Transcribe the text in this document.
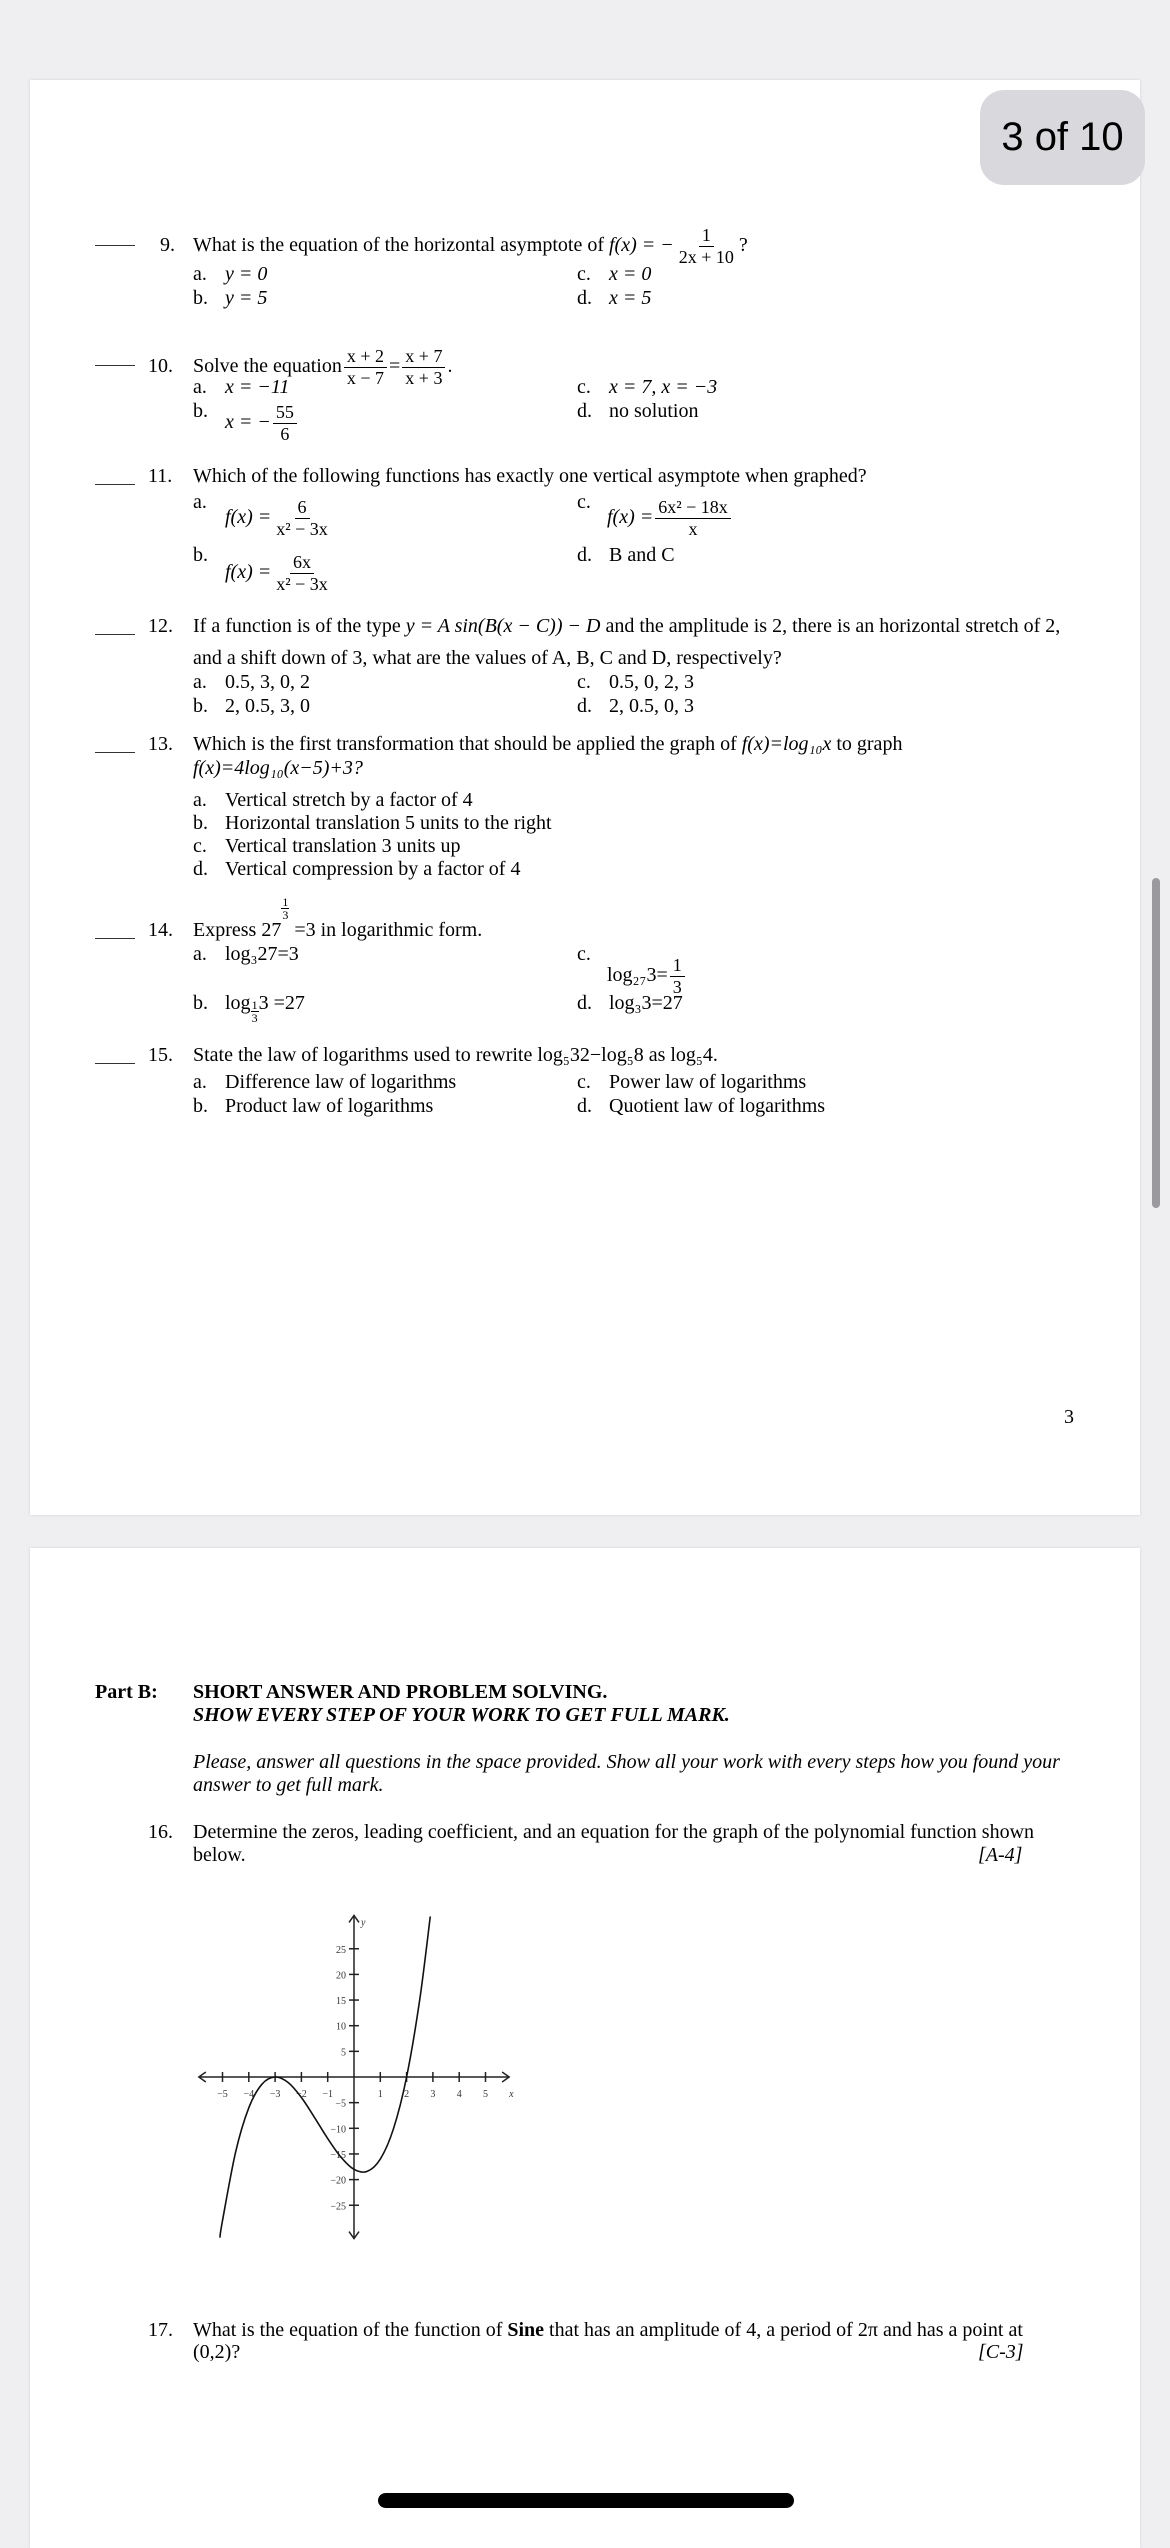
3 of 10
9. What is the equation of the horizontal asymptote of f(x) = − $\frac{1}{2x + 10}$ ?
a. y = 0
b. y = 5
c. x = 0
d. x = 5
10. Solve the equation $\frac{x + 2}{x - 7} = \frac{x + 7}{x + 3}$ .
a. x = −11
b.
x = − $\frac{55}{6}$
c. x = 7, x = −3
d. no solution
11. Which of the following functions has exactly one vertical asymptote when graphed?
a.
$f(x) = \frac{6}{\text{x² − 3x}}$
b.
$f(x) = \frac{6x}{\text{x² − 3x}}$
c.
$f(x) = \frac{\text{6x² − 18x}}{x}$
d. B and C
12. If a function is of the type y = A sin(B(x − C)) − D and the amplitude is 2, there is an horizontal stretch of 2,
and a shift down of 3, what are the values of A, B, C and D, respectively?
a. 0.5, 3, 0, 2
b. 2, 0.5, 3, 0
c. 0.5, 0, 2, 3
d. 2, 0.5, 0, 3
13. Which is the first transformation that should be applied the graph of f(x)=log₁₀x to graph
f(x)=4log₁₀(x−5)+3?
a. Vertical stretch by a factor of 4
b. Horizontal translation 5 units to the right
c. Vertical translation 3 units up
d. Vertical compression by a factor of 4
14. Express 27
$\frac{1}{3}$
=3 in logarithmic form.
a. log₃27=3
b. $\log \frac{1}{3} 3 =27$
c.
$\log_{27}3= \frac{1}{3}$
d. log₃3=27
15. State the law of logarithms used to rewrite log₅32−log₅8 as log₅4.
a. Difference law of logarithms
b. Product law of logarithms
c. Power law of logarithms
d. Quotient law of logarithms
3
Part B: SHORT ANSWER AND PROBLEM SOLVING.
SHOW EVERY STEP OF YOUR WORK TO GET FULL MARK.
Please, answer all questions in the space provided. Show all your work with every steps how you found your
answer to get full mark.
16. Determine the zeros, leading coefficient, and an equation for the graph of the polynomial function shown
below.	[A-4]
−5 −4 −3 −2 −1	1 2 3 4 5
−25
−20
−15
−10
−5
5
10
15
20
25
x
y
17. What is the equation of the function of Sine that has an amplitude of 4, a period of 2π and has a point at
(0,2)?	[C-3]
